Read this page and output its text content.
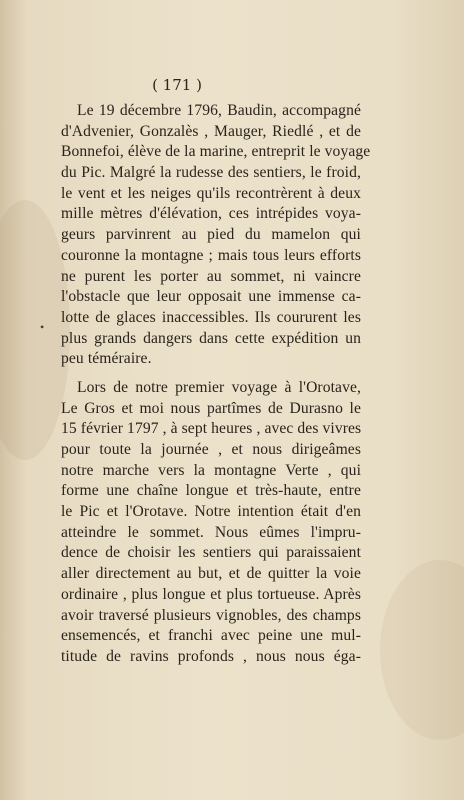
( 171 )
•
Le 19 décembre 1796, Baudin, accompagné
d'Advenier, Gonzalès , Mauger, Riedlé , et de
Bonnefoi, élève de la marine, entreprit le voyage
du Pic. Malgré la rudesse des sentiers, le froid,
le vent et les neiges qu'ils recontrèrent à deux
mille mètres d'élévation, ces intrépides voya-
geurs parvinrent au pied du mamelon qui
couronne la montagne ; mais tous leurs efforts
ne purent les porter au sommet, ni vaincre
l'obstacle que leur opposait une immense ca-
lotte de glaces inaccessibles. Ils coururent les
plus grands dangers dans cette expédition un
peu téméraire.
Lors de notre premier voyage à l'Orotave,
Le Gros et moi nous partîmes de Durasno le
15 février 1797 , à sept heures , avec des vivres
pour toute la journée , et nous dirigeâmes
notre marche vers la montagne Verte , qui
forme une chaîne longue et très-haute, entre
le Pic et l'Orotave. Notre intention était d'en
atteindre le sommet. Nous eûmes l'impru-
dence de choisir les sentiers qui paraissaient
aller directement au but, et de quitter la voie
ordinaire , plus longue et plus tortueuse. Après
avoir traversé plusieurs vignobles, des champs
ensemencés, et franchi avec peine une mul-
titude de ravins profonds , nous nous éga-
